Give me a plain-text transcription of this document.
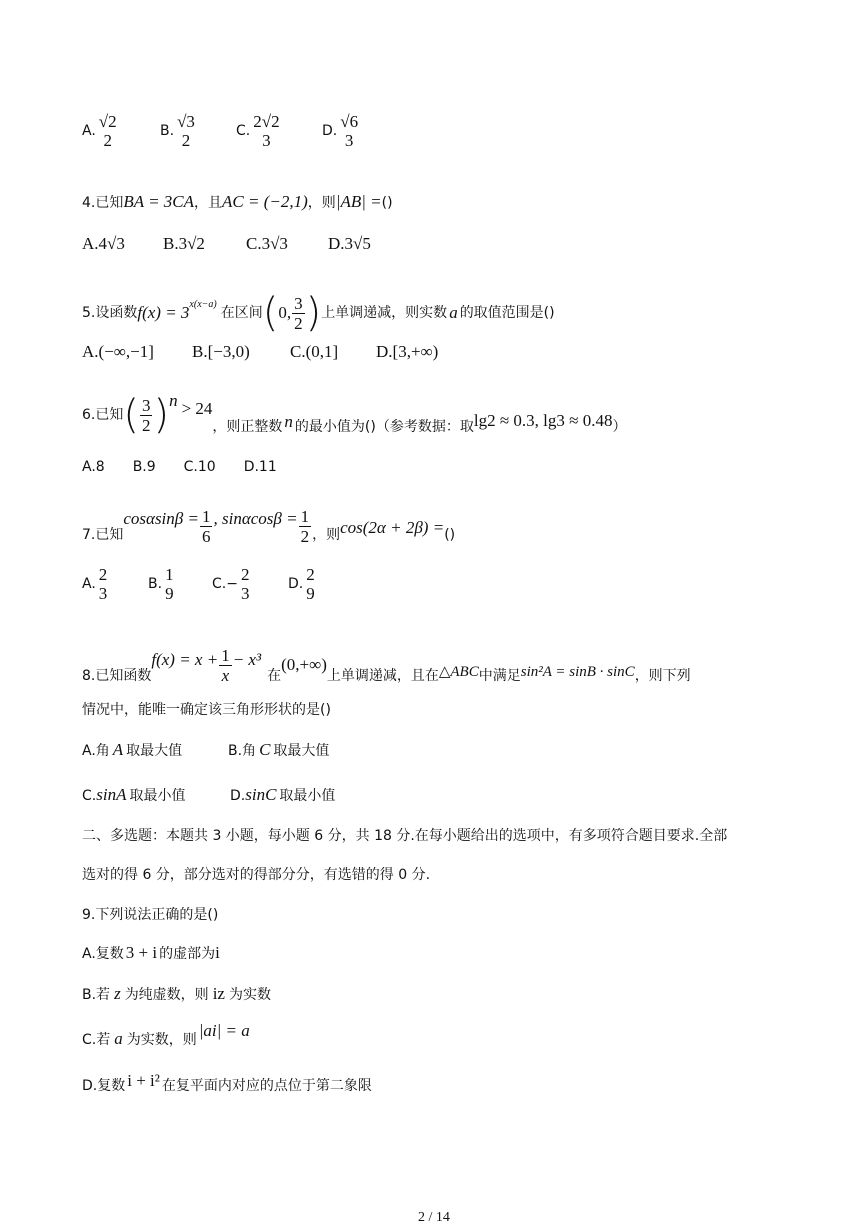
A. √2
2	B. √3
2	C. 2√2
3	D. √6
3
4.已知BA = 3CA，且AC = (−2,1)，则|AB| =()
A.4√3 B.3√2 C.3√3 D.3√5
5.设函数 $f(x) = 3^{x(x-a)}$
在区间 ( 0, $\frac{3}{2}$ ) 上单调递减，则实数 a 的取值范围是()
A.(−∞,−1] B.[−3,0) C.(0,1] D.[3,+∞)
6.已知 ( $\frac{3}{2}$ ) n > 24
，则正整数 n 的最小值为()（参考数据：取 lg2 ≈ 0.3, lg3 ≈ 0.48 ）
A.8　　B.9　　C.10　　D.11
7.已知
$\cos\alpha\sin\beta = \frac{1}{6}$ , $\sin\alpha\cos\beta = \frac{1}{2}$ ，则 cos(2α + 2β) = ()
A. 2
3	B. 1
9	C.− 2
3	D. 2
9
8.已知函数
$f(x) = x + \frac{1}{x} - x^3$
在
(0,+∞)
上单调递减，且在 △ABC 中满足 sin²A = sinB · sinC ，则下列
情况中，能唯一确定该三角形形状的是()
A.角 A 取最大值	B.角 C 取最大值
C.sinA 取最小值	D.sinC 取最小值
二、多选题：本题共 3 小题，每小题 6 分，共 18 分.在每小题给出的选项中，有多项符合题目要求.全部
选对的得 6 分，部分选对的得部分分，有选错的得 0 分.
9.下列说法正确的是()
A.复数 3 + i 的虚部为i
B.若 z 为纯虚数，则 iz 为实数
C.若 a 为实数，则 |ai| = a
D.复数 i + i² 在复平面内对应的点位于第二象限
2 / 14
